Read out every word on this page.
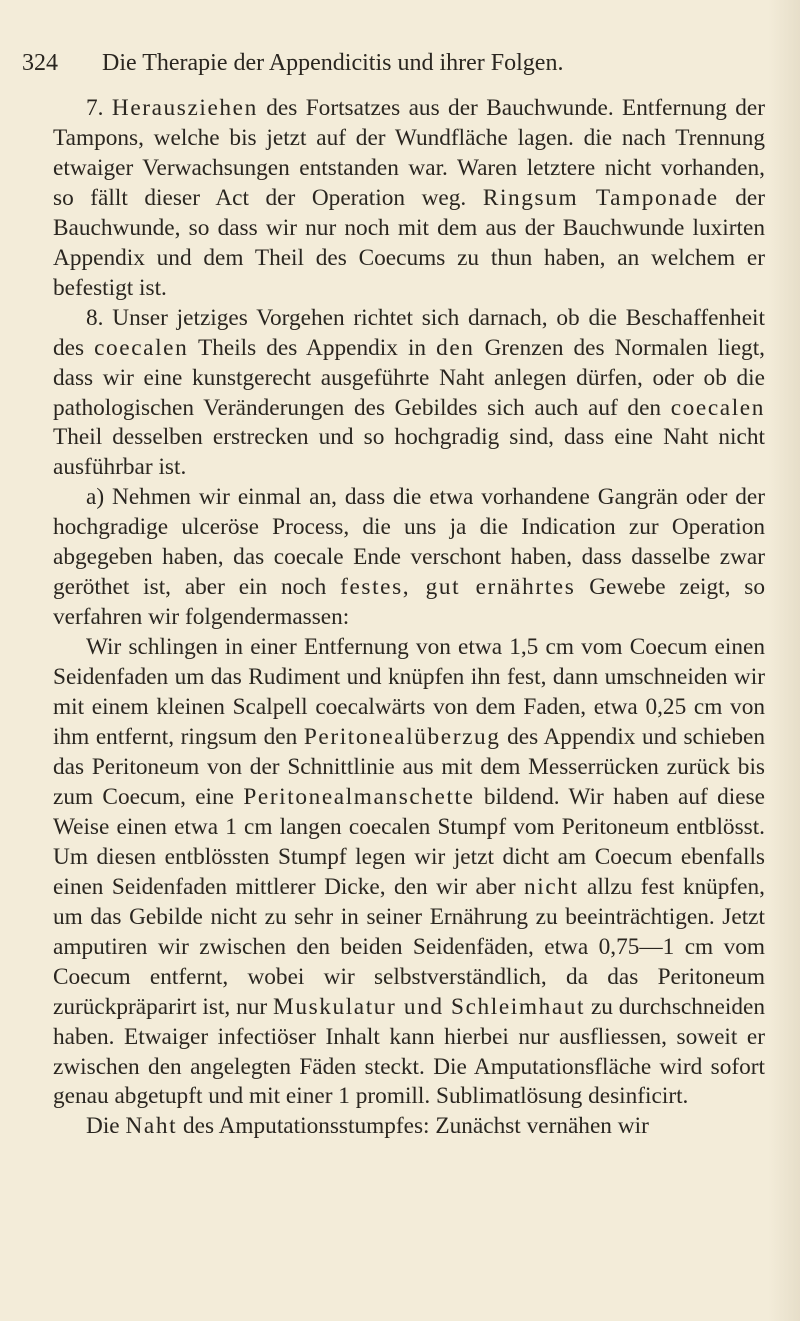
324 Die Therapie der Appendicitis und ihrer Folgen.

7. Herausziehen des Fortsatzes aus der Bauchwunde. Entfernung der Tampons, welche bis jetzt auf der Wundfläche lagen. die nach Trennung etwaiger Verwachsungen entstanden war. Waren letztere nicht vorhanden, so fällt dieser Act der Operation weg. Ringsum Tamponade der Bauchwunde, so dass wir nur noch mit dem aus der Bauchwunde luxirten Appendix und dem Theil des Coecums zu thun haben, an welchem er befestigt ist.

8. Unser jetziges Vorgehen richtet sich darnach, ob die Beschaffenheit des coecalen Theils des Appendix in den Grenzen des Normalen liegt, dass wir eine kunstgerecht ausgeführte Naht anlegen dürfen, oder ob die pathologischen Veränderungen des Gebildes sich auch auf den coecalen Theil desselben erstrecken und so hochgradig sind, dass eine Naht nicht ausführbar ist.

a) Nehmen wir einmal an, dass die etwa vorhandene Gangrän oder der hochgradige ulceröse Process, die uns ja die Indication zur Operation abgegeben haben, das coecale Ende verschont haben, dass dasselbe zwar geröthet ist, aber ein noch festes, gut ernährtes Gewebe zeigt, so verfahren wir folgendermassen:

Wir schlingen in einer Entfernung von etwa 1,5 cm vom Coecum einen Seidenfaden um das Rudiment und knüpfen ihn fest, dann umschneiden wir mit einem kleinen Scalpell coecalwärts von dem Faden, etwa 0,25 cm von ihm entfernt, ringsum den Peritonealüberzug des Appendix und schieben das Peritoneum von der Schnittlinie aus mit dem Messerrücken zurück bis zum Coecum, eine Peritonealmanschette bildend. Wir haben auf diese Weise einen etwa 1 cm langen coecalen Stumpf vom Peritoneum entblösst. Um diesen entblössten Stumpf legen wir jetzt dicht am Coecum ebenfalls einen Seidenfaden mittlerer Dicke, den wir aber nicht allzu fest knüpfen, um das Gebilde nicht zu sehr in seiner Ernährung zu beeinträchtigen. Jetzt amputiren wir zwischen den beiden Seidenfäden, etwa 0,75—1 cm vom Coecum entfernt, wobei wir selbstverständlich, da das Peritoneum zurückpräparirt ist, nur Muskulatur und Schleimhaut zu durchschneiden haben. Etwaiger infectiöser Inhalt kann hierbei nur ausfliessen, soweit er zwischen den angelegten Fäden steckt. Die Amputationsfläche wird sofort genau abgetupft und mit einer 1 promill. Sublimatlösung desinficirt.

Die Naht des Amputationsstumpfes: Zunächst vernähen wir
